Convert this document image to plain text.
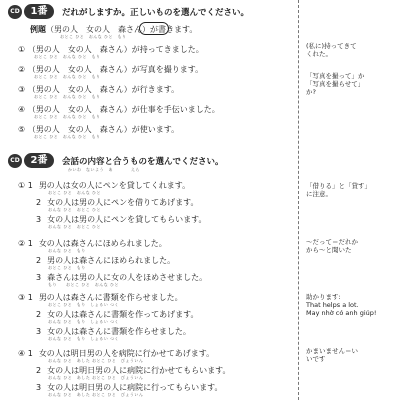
CD 11番 だれがしますか。正しいものを選んでください。
例題（男の人　女の人　森さん）が書きます。
おとこ ひと　おんな ひと　もり
① （男の人　女の人　森さん）が持ってきました。
おとこ ひと　おんな ひと　もり
② （男の人　女の人　森さん）が写真を撮ります。
おとこ ひと　おんな ひと　もり
③ （男の人　女の人　森さん）が行きます。
おとこ ひと　おんな ひと　もり
④ （男の人　女の人　森さん）が仕事を手伝いました。
おとこ ひと　おんな ひと　もり
⑤ （男の人　女の人　森さん）が使います。
おとこ ひと　おんな ひと　もり
CD 22番 会話の内容と合うものを選んでください。
かいわ　ないよう　あ　　　　えら
① 1 男の人は女の人にペンを貸してくれます。
おとこ ひと　おんな ひと
2 女の人は男の人にペンを借りてあげます。
おんな ひと　おとこ ひと
3 女の人は男の人にペンを貸してもらいます。
おんな ひと　おとこ ひと
② 1 女の人は森さんにほめられました。
おんな ひと　もり
2 男の人は森さんにほめられました。
おとこ ひと　もり
3 森さんは男の人に女の人をほめさせました。
もり　　おとこ ひと　おんな ひと
③ 1 男の人は森さんに書類を作らせました。
おとこ ひと　もり　しょるい つく
2 女の人は森さんに書類を作ってあげます。
おんな ひと　もり　しょるい つく
3 女の人は森さんに書類を作らせました。
おんな ひと　もり　しょるい つく
④ 1 女の人は明日男の人を病院に行かせてあげます。
おんな ひと　あした おとこ ひと　びょういん
2 女の人は明日男の人に病院に行かせてもらいます。
おんな ひと　あした おとこ ひと　びょういん
3 女の人は明日男の人に病院に行ってもらいます。
おんな ひと　あした おとこ ひと　びょういん
(私に)持ってきて
くれた。
「写真を撮って」か
「写真を撮らせて」
か?
「借りる」と「貸す」
に注意。
〜だって＝だれか
から〜と聞いた
助かります:
That helps a lot.
May nhờ có anh giúp!
かまいません＝い
いです
